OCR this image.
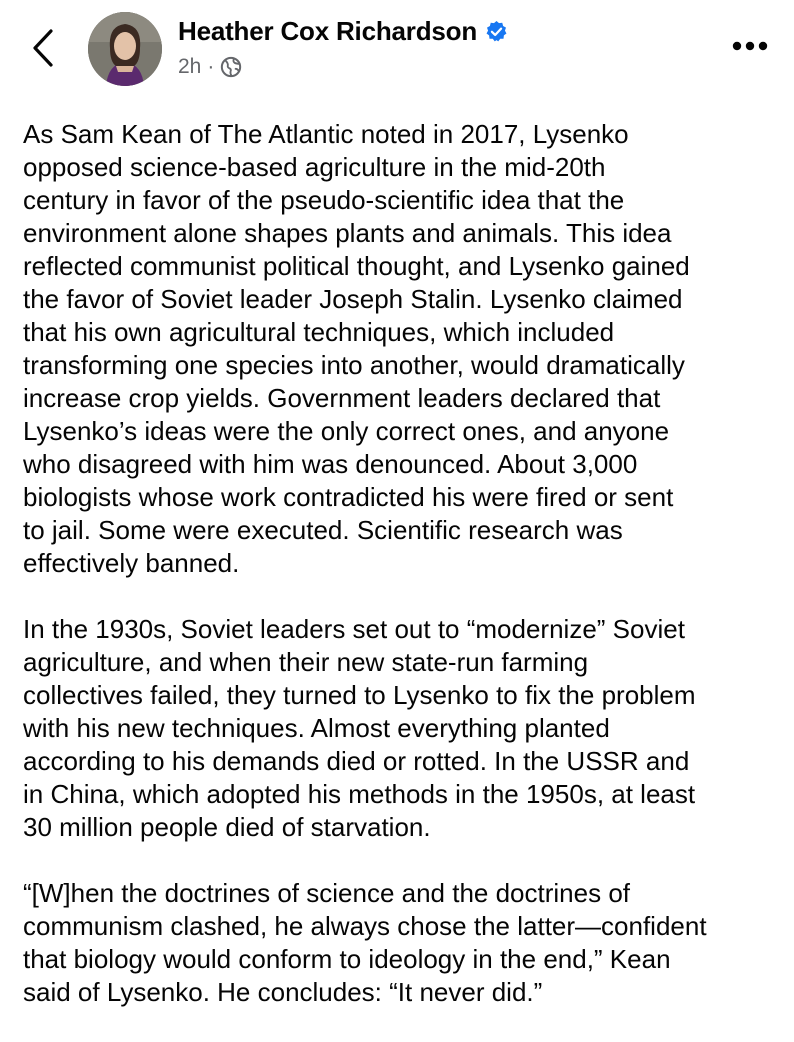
Heather Cox Richardson
2h ·

As Sam Kean of The Atlantic noted in 2017, Lysenko
opposed science-based agriculture in the mid-20th
century in favor of the pseudo-scientific idea that the
environment alone shapes plants and animals. This idea
reflected communist political thought, and Lysenko gained
the favor of Soviet leader Joseph Stalin. Lysenko claimed
that his own agricultural techniques, which included
transforming one species into another, would dramatically
increase crop yields. Government leaders declared that
Lysenko’s ideas were the only correct ones, and anyone
who disagreed with him was denounced. About 3,000
biologists whose work contradicted his were fired or sent
to jail. Some were executed. Scientific research was
effectively banned.

In the 1930s, Soviet leaders set out to “modernize” Soviet
agriculture, and when their new state-run farming
collectives failed, they turned to Lysenko to fix the problem
with his new techniques. Almost everything planted
according to his demands died or rotted. In the USSR and
in China, which adopted his methods in the 1950s, at least
30 million people died of starvation.

“[W]hen the doctrines of science and the doctrines of
communism clashed, he always chose the latter—confident
that biology would conform to ideology in the end,” Kean
said of Lysenko. He concludes: “It never did.”
